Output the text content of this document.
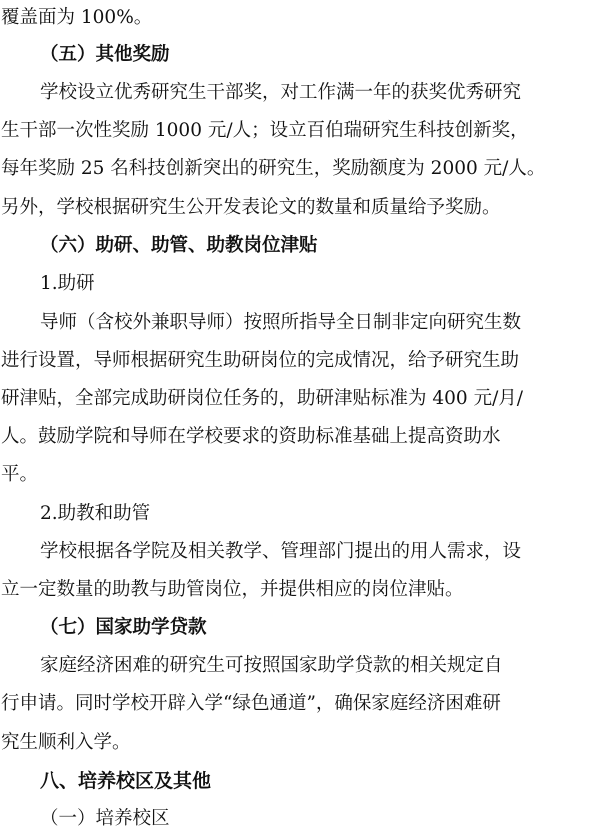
覆盖面为 100%。
（五）其他奖励
学校设立优秀研究生干部奖，对工作满一年的获奖优秀研究
生干部一次性奖励 1000 元/人；设立百伯瑞研究生科技创新奖，
每年奖励 25 名科技创新突出的研究生，奖励额度为 2000 元/人。
另外，学校根据研究生公开发表论文的数量和质量给予奖励。
（六）助研、助管、助教岗位津贴
1.助研
导师（含校外兼职导师）按照所指导全日制非定向研究生数
进行设置，导师根据研究生助研岗位的完成情况，给予研究生助
研津贴，全部完成助研岗位任务的，助研津贴标准为 400 元/月/
人。鼓励学院和导师在学校要求的资助标准基础上提高资助水
平。
2.助教和助管
学校根据各学院及相关教学、管理部门提出的用人需求，设
立一定数量的助教与助管岗位，并提供相应的岗位津贴。
（七）国家助学贷款
家庭经济困难的研究生可按照国家助学贷款的相关规定自
行申请。同时学校开辟入学“绿色通道”，确保家庭经济困难研
究生顺利入学。
八、培养校区及其他
（一）培养校区
